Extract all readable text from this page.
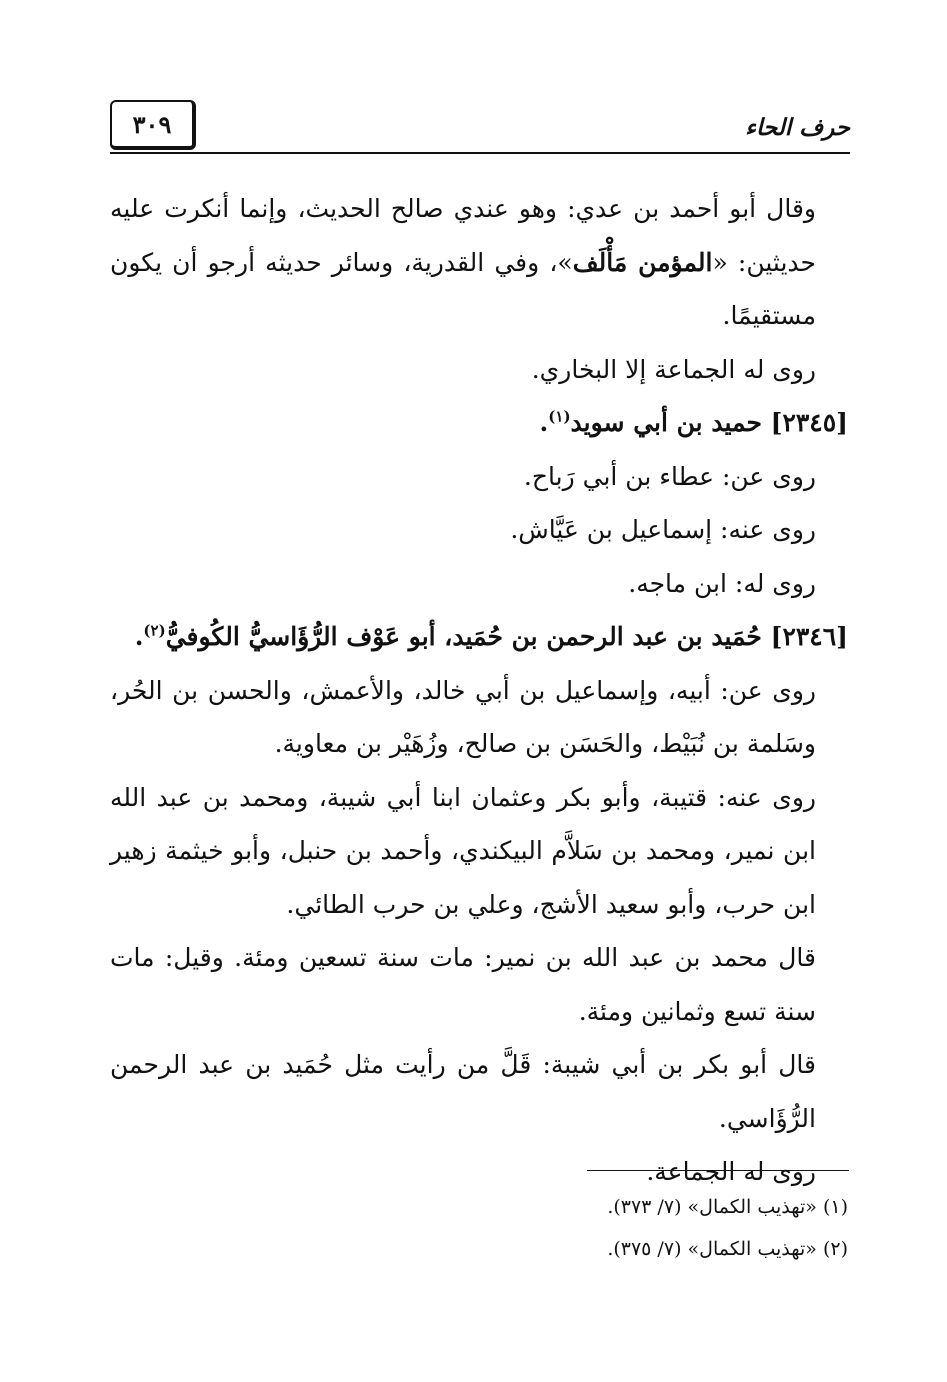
٣٠٩	حرف الحاء

وقال أبو أحمد بن عدي: وهو عندي صالح الحديث، وإنما أنكرت عليه حديثين: «المؤمن مَأْلَف»، وفي القدرية، وسائر حديثه أرجو أن يكون مستقيمًا.

روى له الجماعة إلا البخاري.

[٢٣٤٥] حميد بن أبي سويد$^{(١)}$.

روى عن: عطاء بن أبي رَباح.

روى عنه: إسماعيل بن عَيَّاش.

روى له: ابن ماجه.

[٢٣٤٦] حُمَيد بن عبد الرحمن بن حُمَيد، أبو عَوْف الرُّؤَاسيُّ الكُوفيُّ$^{(٢)}$.

روى عن: أبيه، وإسماعيل بن أبي خالد، والأعمش، والحسن بن الحُر، وسَلمة بن نُبَيْط، والحَسَن بن صالح، وزُهَيْر بن معاوية.

روى عنه: قتيبة، وأبو بكر وعثمان ابنا أبي شيبة، ومحمد بن عبد الله ابن نمير، ومحمد بن سَلاَّم البيكندي، وأحمد بن حنبل، وأبو خيثمة زهير ابن حرب، وأبو سعيد الأشج، وعلي بن حرب الطائي.

قال محمد بن عبد الله بن نمير: مات سنة تسعين ومئة. وقيل: مات سنة تسع وثمانين ومئة.

قال أبو بكر بن أبي شيبة: قَلَّ من رأيت مثل حُمَيد بن عبد الرحمن الرُّؤَاسي.

روى له الجماعة.

(١) «تهذيب الكمال» (٧/ ٣٧٣).

(٢) «تهذيب الكمال» (٧/ ٣٧٥).
